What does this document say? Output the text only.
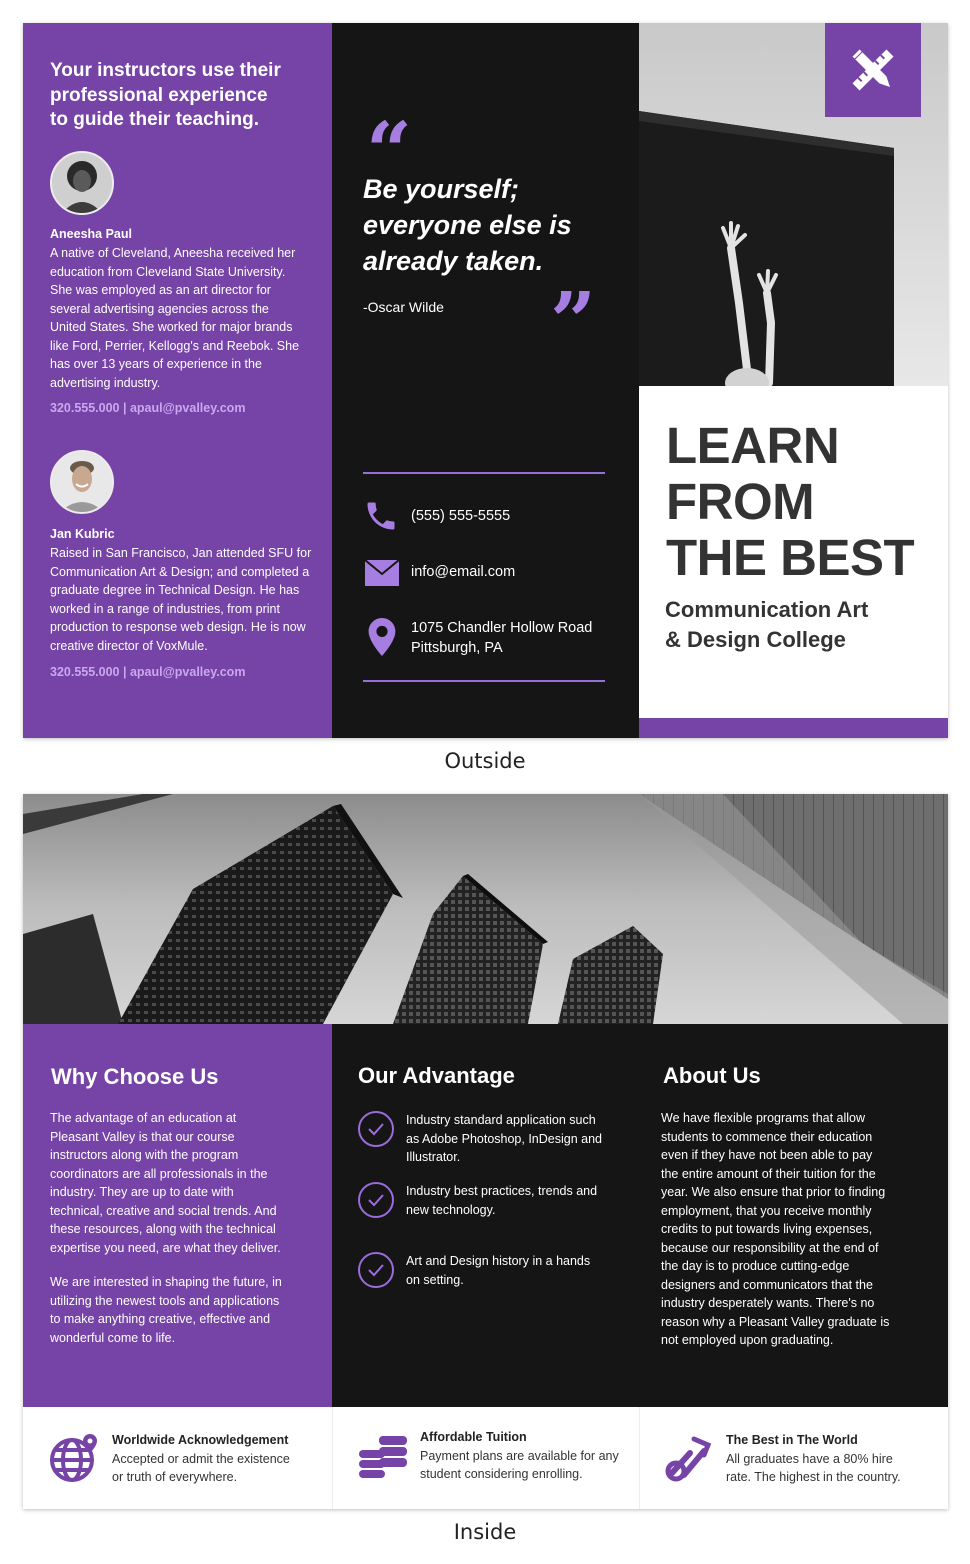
Your instructors use their professional experience to guide their teaching.

Aneesha Paul
A native of Cleveland, Aneesha received her education from Cleveland State University. She was employed as an art director for several advertising agencies across the United States. She worked for major brands like Ford, Perrier, Kellogg's and Reebok. She has over 13 years of experience in the advertising industry.
320.555.000 | apaul@pvalley.com
Jan Kubric
Raised in San Francisco, Jan attended SFU for Communication Art & Design; and completed a graduate degree in Technical Design. He has worked in a range of industries, from print production to response web design. He is now creative director of VoxMule.
320.555.000 | apaul@pvalley.com
“
Be yourself; everyone else is already taken.
-Oscar Wilde ”
(555) 555-5555
info@email.com
1075 Chandler Hollow Road
Pittsburgh, PA
LEARN
FROM
THE BEST
Communication Art
& Design College
Outside
Why Choose Us
The advantage of an education at Pleasant Valley is that our course instructors along with the program coordinators are all professionals in the industry. They are up to date with technical, creative and social trends. And these resources, along with the technical expertise you need, are what they deliver.
We are interested in shaping the future, in utilizing the newest tools and applications to make anything creative, effective and wonderful come to life.
Our Advantage
Industry standard application such as Adobe Photoshop, InDesign and Illustrator.
Industry best practices, trends and new technology.
Art and Design history in a hands on setting.
About Us
We have flexible programs that allow students to commence their education even if they have not been able to pay the entire amount of their tuition for the year. We also ensure that prior to finding employment, that you receive monthly credits to put towards living expenses, because our responsibility at the end of the day is to produce cutting-edge designers and communicators that the industry desperately wants. There's no reason why a Pleasant Valley graduate is not employed upon graduating.
Worldwide Acknowledgement
Accepted or admit the existence or truth of everywhere.
Affordable Tuition
Payment plans are available for any student considering enrolling.
The Best in The World
All graduates have a 80% hire rate. The highest in the country.
Inside
